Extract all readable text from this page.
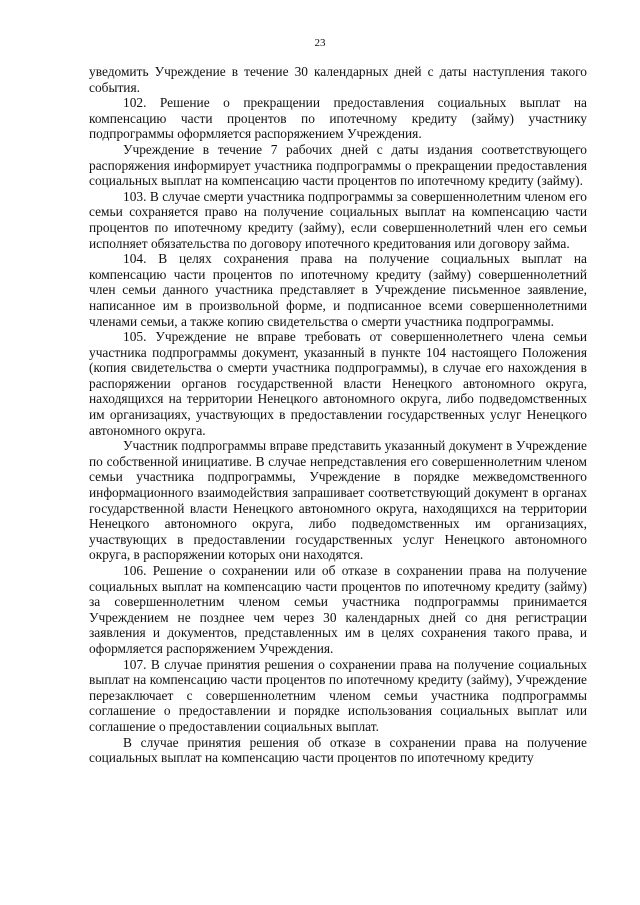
23

уведомить Учреждение в течение 30 календарных дней с даты наступления такого события.

102. Решение о прекращении предоставления социальных выплат на компенсацию части процентов по ипотечному кредиту (займу) участнику подпрограммы оформляется распоряжением Учреждения.

Учреждение в течение 7 рабочих дней с даты издания соответствующего распоряжения информирует участника подпрограммы о прекращении предоставления социальных выплат на компенсацию части процентов по ипотечному кредиту (займу).

103. В случае смерти участника подпрограммы за совершеннолетним членом его семьи сохраняется право на получение социальных выплат на компенсацию части процентов по ипотечному кредиту (займу), если совершеннолетний член его семьи исполняет обязательства по договору ипотечного кредитования или договору займа.

104. В целях сохранения права на получение социальных выплат на компенсацию части процентов по ипотечному кредиту (займу) совершеннолетний член семьи данного участника представляет в Учреждение письменное заявление, написанное им в произвольной форме, и подписанное всеми совершеннолетними членами семьи, а также копию свидетельства о смерти участника подпрограммы.

105. Учреждение не вправе требовать от совершеннолетнего члена семьи участника подпрограммы документ, указанный в пункте 104 настоящего Положения (копия свидетельства о смерти участника подпрограммы), в случае его нахождения в распоряжении органов государственной власти Ненецкого автономного округа, находящихся на территории Ненецкого автономного округа, либо подведомственных им организациях, участвующих в предоставлении государственных услуг Ненецкого автономного округа.

Участник подпрограммы вправе представить указанный документ в Учреждение по собственной инициативе. В случае непредставления его совершеннолетним членом семьи участника подпрограммы, Учреждение в порядке межведомственного информационного взаимодействия запрашивает соответствующий документ в органах государственной власти Ненецкого автономного округа, находящихся на территории Ненецкого автономного округа, либо подведомственных им организациях, участвующих в предоставлении государственных услуг Ненецкого автономного округа, в распоряжении которых они находятся.

106. Решение о сохранении или об отказе в сохранении права на получение социальных выплат на компенсацию части процентов по ипотечному кредиту (займу) за совершеннолетним членом семьи участника подпрограммы принимается Учреждением не позднее чем через 30 календарных дней со дня регистрации заявления и документов, представленных им в целях сохранения такого права, и оформляется распоряжением Учреждения.

107. В случае принятия решения о сохранении права на получение социальных выплат на компенсацию части процентов по ипотечному кредиту (займу), Учреждение перезаключает с совершеннолетним членом семьи участника подпрограммы соглашение о предоставлении и порядке использования социальных выплат или соглашение о предоставлении социальных выплат.

В случае принятия решения об отказе в сохранении права на получение социальных выплат на компенсацию части процентов по ипотечному кредиту
